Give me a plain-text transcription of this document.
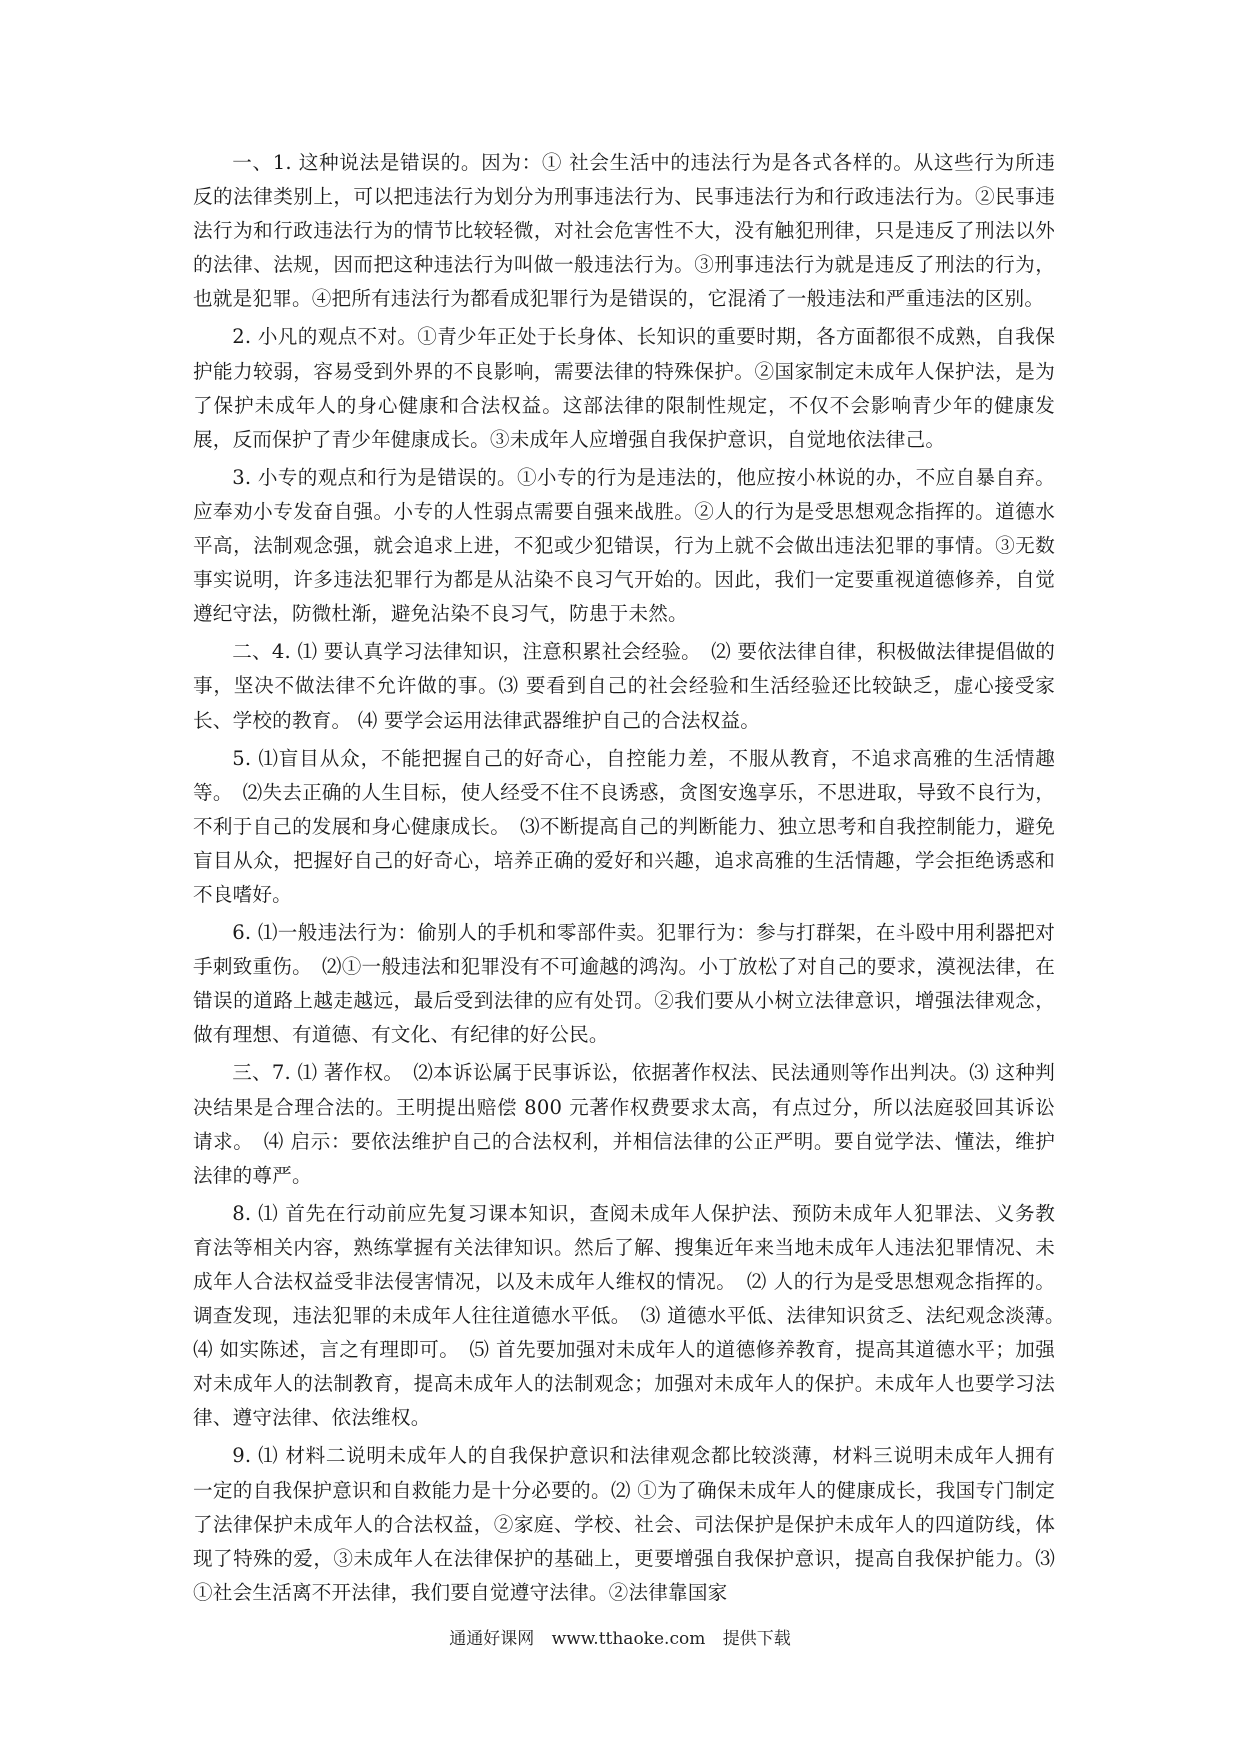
一、1. 这种说法是错误的。因为：① 社会生活中的违法行为是各式各样的。从这些行为所违反的法律类别上，可以把违法行为划分为刑事违法行为、民事违法行为和行政违法行为。②民事违法行为和行政违法行为的情节比较轻微，对社会危害性不大，没有触犯刑律，只是违反了刑法以外的法律、法规，因而把这种违法行为叫做一般违法行为。③刑事违法行为就是违反了刑法的行为，也就是犯罪。④把所有违法行为都看成犯罪行为是错误的，它混淆了一般违法和严重违法的区别。

2. 小凡的观点不对。①青少年正处于长身体、长知识的重要时期，各方面都很不成熟，自我保护能力较弱，容易受到外界的不良影响，需要法律的特殊保护。②国家制定未成年人保护法，是为了保护未成年人的身心健康和合法权益。这部法律的限制性规定，不仅不会影响青少年的健康发展，反而保护了青少年健康成长。③未成年人应增强自我保护意识，自觉地依法律己。

3. 小专的观点和行为是错误的。①小专的行为是违法的，他应按小林说的办，不应自暴自弃。应奉劝小专发奋自强。小专的人性弱点需要自强来战胜。②人的行为是受思想观念指挥的。道德水平高，法制观念强，就会追求上进，不犯或少犯错误，行为上就不会做出违法犯罪的事情。③无数事实说明，许多违法犯罪行为都是从沾染不良习气开始的。因此，我们一定要重视道德修养，自觉遵纪守法，防微杜渐，避免沾染不良习气，防患于未然。

二、4. ⑴ 要认真学习法律知识，注意积累社会经验。　⑵ 要依法律自律，积极做法律提倡做的事，坚决不做法律不允许做的事。⑶ 要看到自己的社会经验和生活经验还比较缺乏，虚心接受家长、学校的教育。 ⑷ 要学会运用法律武器维护自己的合法权益。

5. ⑴盲目从众，不能把握自己的好奇心，自控能力差，不服从教育，不追求高雅的生活情趣等。　⑵失去正确的人生目标，使人经受不住不良诱惑，贪图安逸享乐，不思进取，导致不良行为，不利于自己的发展和身心健康成长。　⑶不断提高自己的判断能力、独立思考和自我控制能力，避免盲目从众，把握好自己的好奇心，培养正确的爱好和兴趣，追求高雅的生活情趣，学会拒绝诱惑和不良嗜好。

6. ⑴一般违法行为：偷别人的手机和零部件卖。犯罪行为：参与打群架，在斗殴中用利器把对手刺致重伤。　⑵①一般违法和犯罪没有不可逾越的鸿沟。小丁放松了对自己的要求，漠视法律，在错误的道路上越走越远，最后受到法律的应有处罚。②我们要从小树立法律意识，增强法律观念，做有理想、有道德、有文化、有纪律的好公民。

三、7. ⑴ 著作权。　⑵本诉讼属于民事诉讼，依据著作权法、民法通则等作出判决。⑶ 这种判决结果是合理合法的。王明提出赔偿 800 元著作权费要求太高，有点过分，所以法庭驳回其诉讼请求。　⑷ 启示：要依法维护自己的合法权利，并相信法律的公正严明。要自觉学法、懂法，维护法律的尊严。

8. ⑴ 首先在行动前应先复习课本知识，查阅未成年人保护法、预防未成年人犯罪法、义务教育法等相关内容，熟练掌握有关法律知识。然后了解、搜集近年来当地未成年人违法犯罪情况、未成年人合法权益受非法侵害情况，以及未成年人维权的情况。　⑵ 人的行为是受思想观念指挥的。调查发现，违法犯罪的未成年人往往道德水平低。　⑶ 道德水平低、法律知识贫乏、法纪观念淡薄。　⑷ 如实陈述，言之有理即可。　⑸ 首先要加强对未成年人的道德修养教育，提高其道德水平；加强对未成年人的法制教育，提高未成年人的法制观念；加强对未成年人的保护。未成年人也要学习法律、遵守法律、依法维权。

9. ⑴ 材料二说明未成年人的自我保护意识和法律观念都比较淡薄，材料三说明未成年人拥有一定的自我保护意识和自救能力是十分必要的。⑵ ①为了确保未成年人的健康成长，我国专门制定了法律保护未成年人的合法权益，②家庭、学校、社会、司法保护是保护未成年人的四道防线，体现了特殊的爱，③未成年人在法律保护的基础上，更要增强自我保护意识，提高自我保护能力。⑶ ①社会生活离不开法律，我们要自觉遵守法律。②法律靠国家

通通好课网 www.tthaoke.com 提供下载
